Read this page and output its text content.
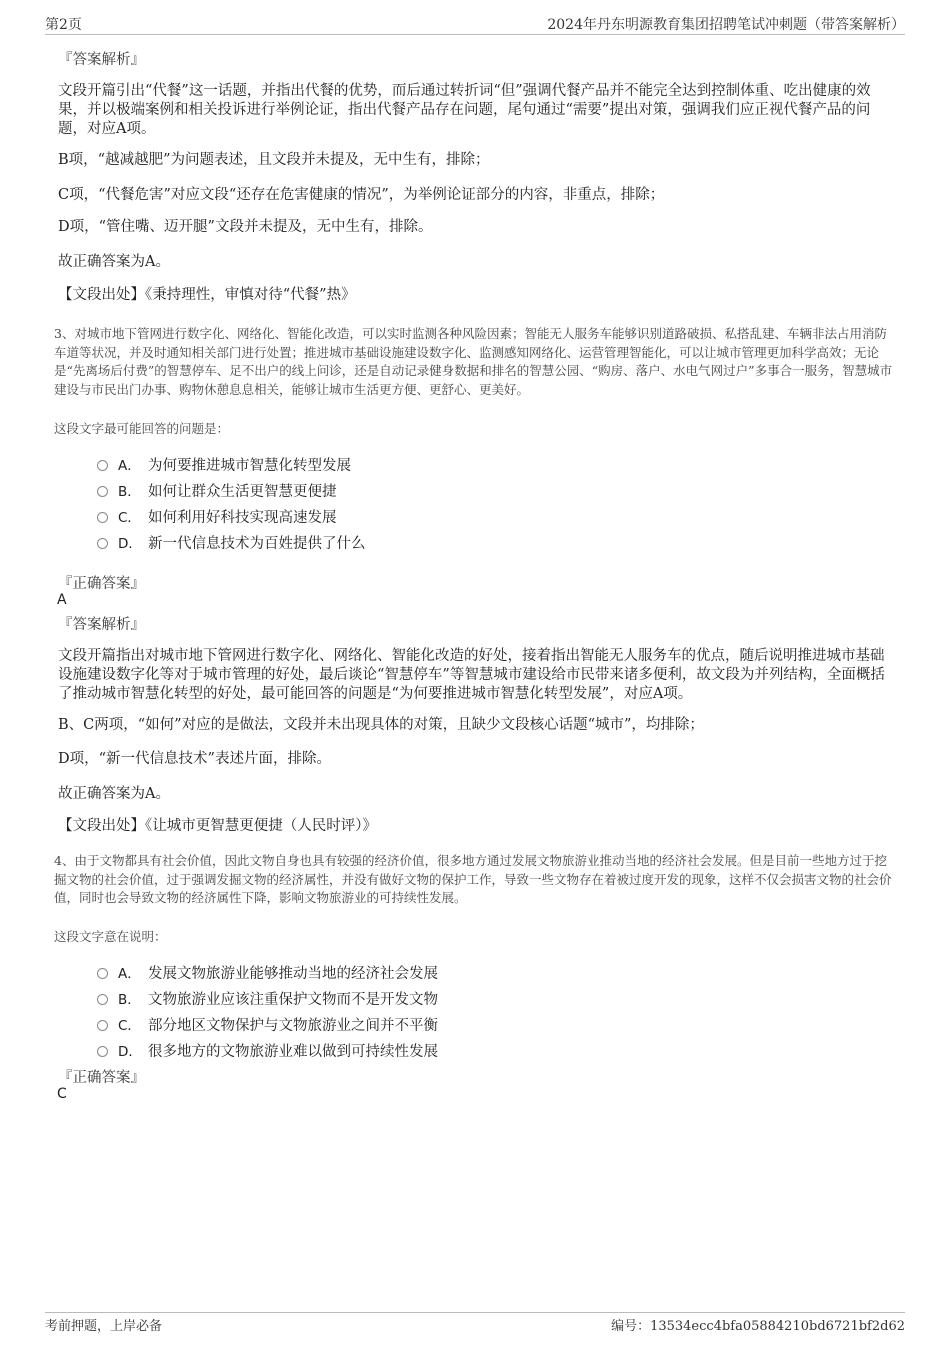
第2页	2024年丹东明源教育集团招聘笔试冲刺题（带答案解析）
『答案解析』

文段开篇引出“代餐”这一话题，并指出代餐的优势，而后通过转折词“但”强调代餐产品并不能完全达到控制体重、吃出健康的效果，并以极端案例和相关投诉进行举例论证，指出代餐产品存在问题，尾句通过“需要”提出对策，强调我们应正视代餐产品的问题，对应A项。

B项，“越减越肥”为问题表述，且文段并未提及，无中生有，排除；

C项，“代餐危害”对应文段“还存在危害健康的情况”，为举例论证部分的内容，非重点，排除；

D项，“管住嘴、迈开腿”文段并未提及，无中生有，排除。

故正确答案为A。

【文段出处】《秉持理性，审慎对待“代餐”热》

3、对城市地下管网进行数字化、网络化、智能化改造，可以实时监测各种风险因素；智能无人服务车能够识别道路破损、私搭乱建、车辆非法占用消防车道等状况，并及时通知相关部门进行处置；推进城市基础设施建设数字化、监测感知网络化、运营管理智能化，可以让城市管理更加科学高效；无论是“先离场后付费”的智慧停车、足不出户的线上问诊，还是自动记录健身数据和排名的智慧公园、“购房、落户、水电气网过户”多事合一服务，智慧城市建设与市民出门办事、购物休憩息息相关，能够让城市生活更方便、更舒心、更美好。

这段文字最可能回答的问题是：

A． 为何要推进城市智慧化转型发展
B． 如何让群众生活更智慧更便捷
C． 如何利用好科技实现高速发展
D． 新一代信息技术为百姓提供了什么
『正确答案』
A
『答案解析』

文段开篇指出对城市地下管网进行数字化、网络化、智能化改造的好处，接着指出智能无人服务车的优点，随后说明推进城市基础设施建设数字化等对于城市管理的好处，最后谈论“智慧停车”等智慧城市建设给市民带来诸多便利，故文段为并列结构，全面概括了推动城市智慧化转型的好处，最可能回答的问题是“为何要推进城市智慧化转型发展”，对应A项。

B、C两项，“如何”对应的是做法，文段并未出现具体的对策，且缺少文段核心话题“城市”，均排除；

D项，“新一代信息技术”表述片面，排除。

故正确答案为A。

【文段出处】《让城市更智慧更便捷（人民时评）》

4、由于文物都具有社会价值，因此文物自身也具有较强的经济价值，很多地方通过发展文物旅游业推动当地的经济社会发展。但是目前一些地方过于挖掘文物的社会价值，过于强调发掘文物的经济属性，并没有做好文物的保护工作，导致一些文物存在着被过度开发的现象，这样不仅会损害文物的社会价值，同时也会导致文物的经济属性下降，影响文物旅游业的可持续性发展。

这段文字意在说明：

A． 发展文物旅游业能够推动当地的经济社会发展
B． 文物旅游业应该注重保护文物而不是开发文物
C． 部分地区文物保护与文物旅游业之间并不平衡
D． 很多地方的文物旅游业难以做到可持续性发展
『正确答案』
C
考前押题，上岸必备	编号：13534ecc4bfa05884210bd6721bf2d62
